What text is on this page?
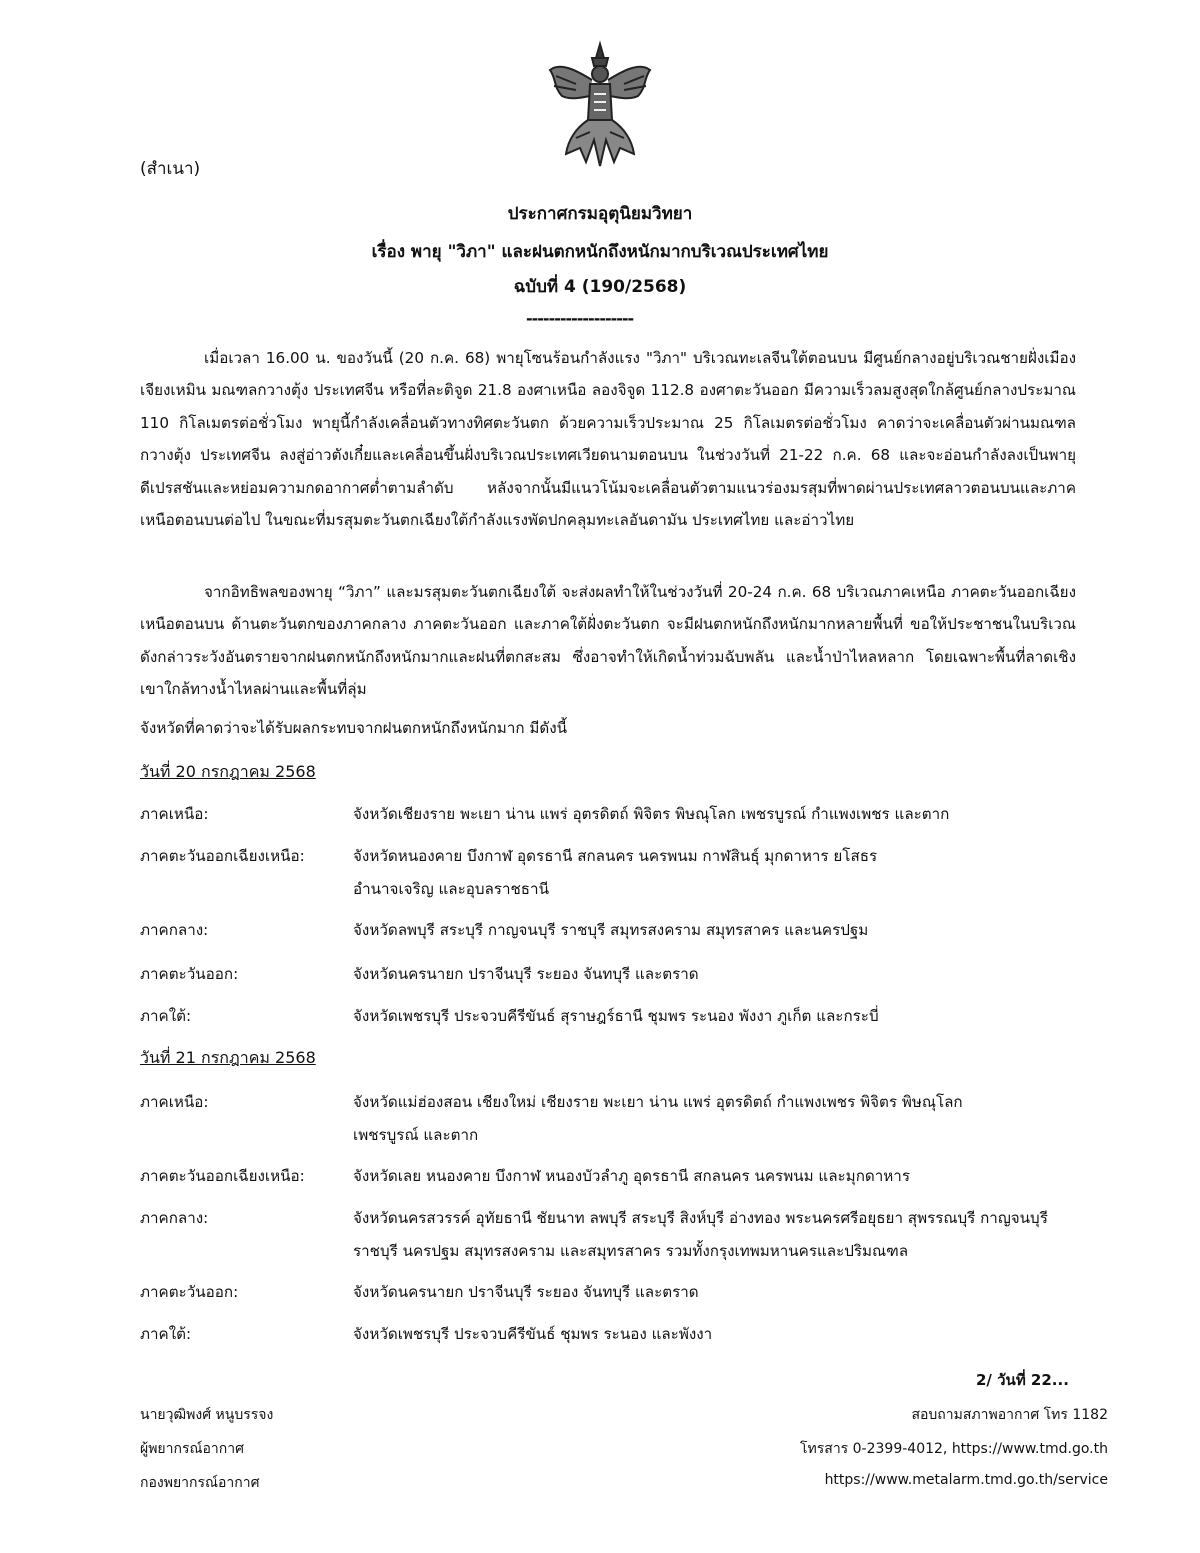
(สำเนา)
ประกาศกรมอุตุนิยมวิทยา
เรื่อง พายุ "วิภา" และฝนตกหนักถึงหนักมากบริเวณประเทศไทย
ฉบับที่ 4 (190/2568)
-------------------
เมื่อเวลา 16.00 น. ของวันนี้ (20 ก.ค. 68) พายุโซนร้อนกำลังแรง "วิภา" บริเวณทะเลจีนใต้ตอนบน มีศูนย์กลางอยู่บริเวณชายฝั่งเมืองเจียงเหมิน มณฑลกวางตุ้ง ประเทศจีน หรือที่ละติจูด 21.8 องศาเหนือ ลองจิจูด 112.8 องศาตะวันออก มีความเร็วลมสูงสุดใกล้ศูนย์กลางประมาณ 110 กิโลเมตรต่อชั่วโมง พายุนี้กำลังเคลื่อนตัวทางทิศตะวันตก ด้วยความเร็วประมาณ 25 กิโลเมตรต่อชั่วโมง คาดว่าจะเคลื่อนตัวผ่านมณฑลกวางตุ้ง ประเทศจีน ลงสู่อ่าวตังเกี๋ยและเคลื่อนขึ้นฝั่งบริเวณประเทศเวียดนามตอนบน ในช่วงวันที่ 21-22 ก.ค. 68 และจะอ่อนกำลังลงเป็นพายุดีเปรสชันและหย่อมความกดอากาศต่ำตามลำดับ หลังจากนั้นมีแนวโน้มจะเคลื่อนตัวตามแนวร่องมรสุมที่พาดผ่านประเทศลาวตอนบนและภาคเหนือตอนบนต่อไป ในขณะที่มรสุมตะวันตกเฉียงใต้กำลังแรงพัดปกคลุมทะเลอันดามัน ประเทศไทย และอ่าวไทย
จากอิทธิพลของพายุ “วิภา” และมรสุมตะวันตกเฉียงใต้ จะส่งผลทำให้ในช่วงวันที่ 20-24 ก.ค. 68 บริเวณภาคเหนือ ภาคตะวันออกเฉียงเหนือตอนบน ด้านตะวันตกของภาคกลาง ภาคตะวันออก และภาคใต้ฝั่งตะวันตก จะมีฝนตกหนักถึงหนักมากหลายพื้นที่ ขอให้ประชาชนในบริเวณดังกล่าวระวังอันตรายจากฝนตกหนักถึงหนักมากและฝนที่ตกสะสม ซึ่งอาจทำให้เกิดน้ำท่วมฉับพลัน และน้ำป่าไหลหลาก โดยเฉพาะพื้นที่ลาดเชิงเขาใกล้ทางน้ำไหลผ่านและพื้นที่ลุ่ม
จังหวัดที่คาดว่าจะได้รับผลกระทบจากฝนตกหนักถึงหนักมาก มีดังนี้
วันที่ 20 กรกฎาคม 2568
ภาคเหนือ:	จังหวัดเชียงราย พะเยา น่าน แพร่ อุตรดิตถ์ พิจิตร พิษณุโลก เพชรบูรณ์ กำแพงเพชร และตาก
ภาคตะวันออกเฉียงเหนือ:	จังหวัดหนองคาย บึงกาฬ อุดรธานี สกลนคร นครพนม กาฬสินธุ์ มุกดาหาร ยโสธร อำนาจเจริญ และอุบลราชธานี
ภาคกลาง:	จังหวัดลพบุรี สระบุรี กาญจนบุรี ราชบุรี สมุทรสงคราม สมุทรสาคร และนครปฐม
ภาคตะวันออก:	จังหวัดนครนายก ปราจีนบุรี ระยอง จันทบุรี และตราด
ภาคใต้:	จังหวัดเพชรบุรี ประจวบคีรีขันธ์ สุราษฎร์ธานี ชุมพร ระนอง พังงา ภูเก็ต และกระบี่
วันที่ 21 กรกฎาคม 2568
ภาคเหนือ:	จังหวัดแม่ฮ่องสอน เชียงใหม่ เชียงราย พะเยา น่าน แพร่ อุตรดิตถ์ กำแพงเพชร พิจิตร พิษณุโลก เพชรบูรณ์ และตาก
ภาคตะวันออกเฉียงเหนือ:	จังหวัดเลย หนองคาย บึงกาฬ หนองบัวลำภู อุดรธานี สกลนคร นครพนม และมุกดาหาร
ภาคกลาง:	จังหวัดนครสวรรค์ อุทัยธานี ชัยนาท ลพบุรี สระบุรี สิงห์บุรี อ่างทอง พระนครศรีอยุธยา สุพรรณบุรี กาญจนบุรี ราชบุรี นครปฐม สมุทรสงคราม และสมุทรสาคร รวมทั้งกรุงเทพมหานครและปริมณฑล
ภาคตะวันออก:	จังหวัดนครนายก ปราจีนบุรี ระยอง จันทบุรี และตราด
ภาคใต้:	จังหวัดเพชรบุรี ประจวบคีรีขันธ์ ชุมพร ระนอง และพังงา
2/ วันที่ 22...
นายวุฒิพงศ์ หนูบรรจง
ผู้พยากรณ์อากาศ
กองพยากรณ์อากาศ
สอบถามสภาพอากาศ โทร 1182
โทรสาร 0-2399-4012, https://www.tmd.go.th
https://www.metalarm.tmd.go.th/service
